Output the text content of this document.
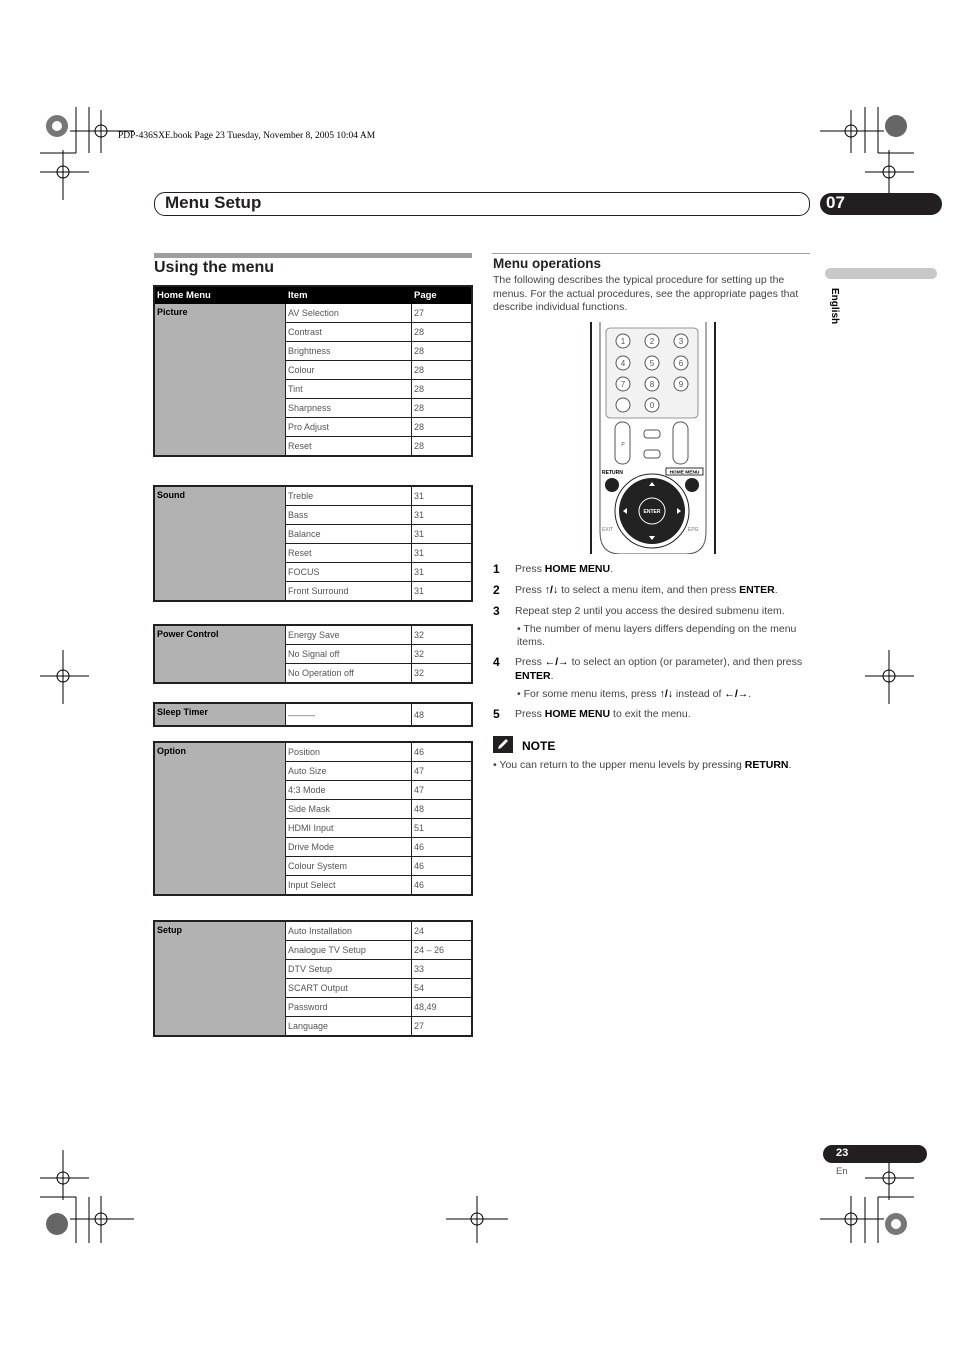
PDP-436SXE.book Page 23 Tuesday, November 8, 2005 10:04 AM
Menu Setup	07
English
Using the menu
Home Menu	Item	Page
Picture	AV Selection	27
	Contrast	28
	Brightness	28
	Colour	28
	Tint	28
	Sharpness	28
	Pro Adjust	28
	Reset	28
Sound	Treble	31
	Bass	31
	Balance	31
	Reset	31
	FOCUS	31
	Front Surround	31
Power Control	Energy Save	32
	No Signal off	32
	No Operation off	32
Sleep Timer	———	48
Option	Position	46
	Auto Size	47
	4:3 Mode	47
	Side Mask	48
	HDMI Input	51
	Drive Mode	46
	Colour System	46
	Input Select	46
Setup	Auto Installation	24
	Analogue TV Setup	24 – 26
	DTV Setup	33
	SCART Output	54
	Password	48,49
	Language	27
Menu operations
The following describes the typical procedure for setting up the menus. For the actual procedures, see the appropriate pages that describe individual functions.
1	2	3
4	5	6
7	8	9
0
P
RETURN	HOME MENU
ENTER
EXIT	EPG
1 Press HOME MENU.
2 Press ↑/↓ to select a menu item, and then press ENTER.
3 Repeat step 2 until you access the desired submenu item.
• The number of menu layers differs depending on the menu items.
4 Press ←/→ to select an option (or parameter), and then press ENTER.
• For some menu items, press ↑/↓ instead of ←/→.
5 Press HOME MENU to exit the menu.
NOTE
• You can return to the upper menu levels by pressing RETURN.
23
En
